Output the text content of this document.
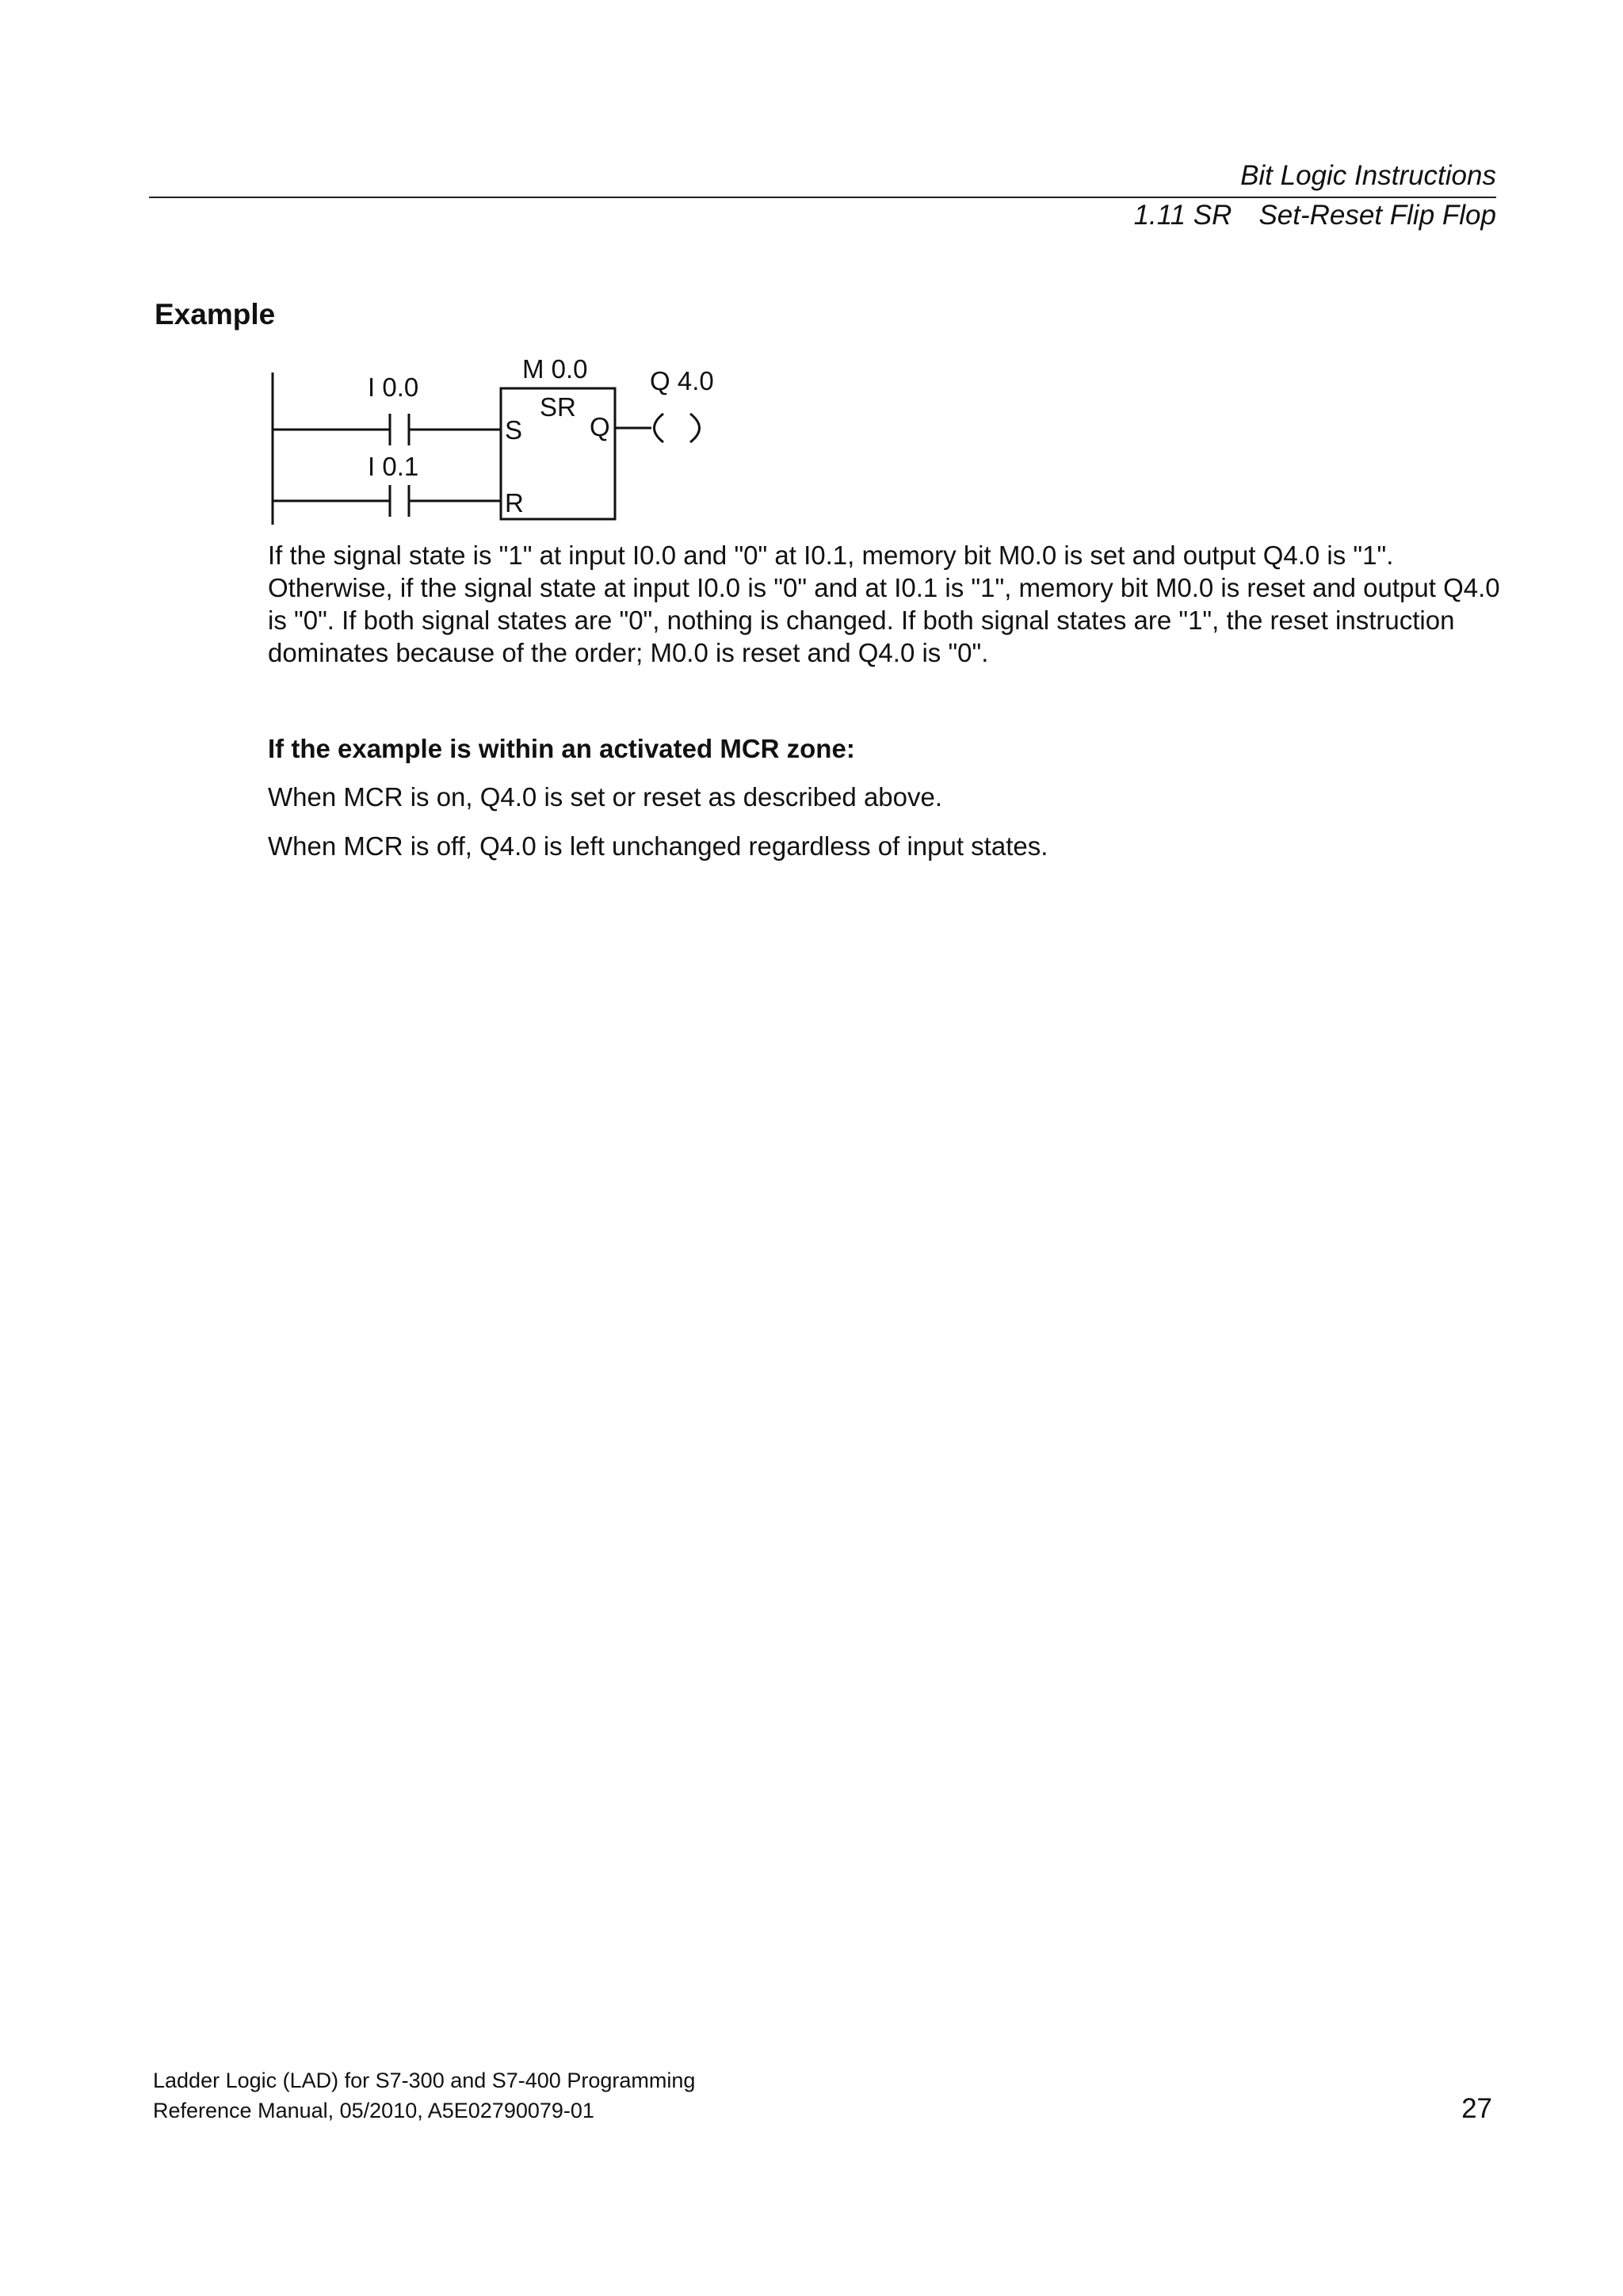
Bit Logic Instructions
1.11 SR Set-Reset Flip Flop
Example
I 0.0
I 0.1
M 0.0
SR
S
R
Q
Q 4.0

If the signal state is "1" at input I0.0 and "0" at I0.1, memory bit M0.0 is set and output Q4.0 is "1". Otherwise, if the signal state at input I0.0 is "0" and at I0.1 is "1", memory bit M0.0 is reset and output Q4.0 is "0". If both signal states are "0", nothing is changed. If both signal states are "1", the reset instruction dominates because of the order; M0.0 is reset and Q4.0 is "0".

If the example is within an activated MCR zone:

When MCR is on, Q4.0 is set or reset as described above.

When MCR is off, Q4.0 is left unchanged regardless of input states.

Ladder Logic (LAD) for S7-300 and S7-400 Programming
Reference Manual, 05/2010, A5E02790079-01	27
